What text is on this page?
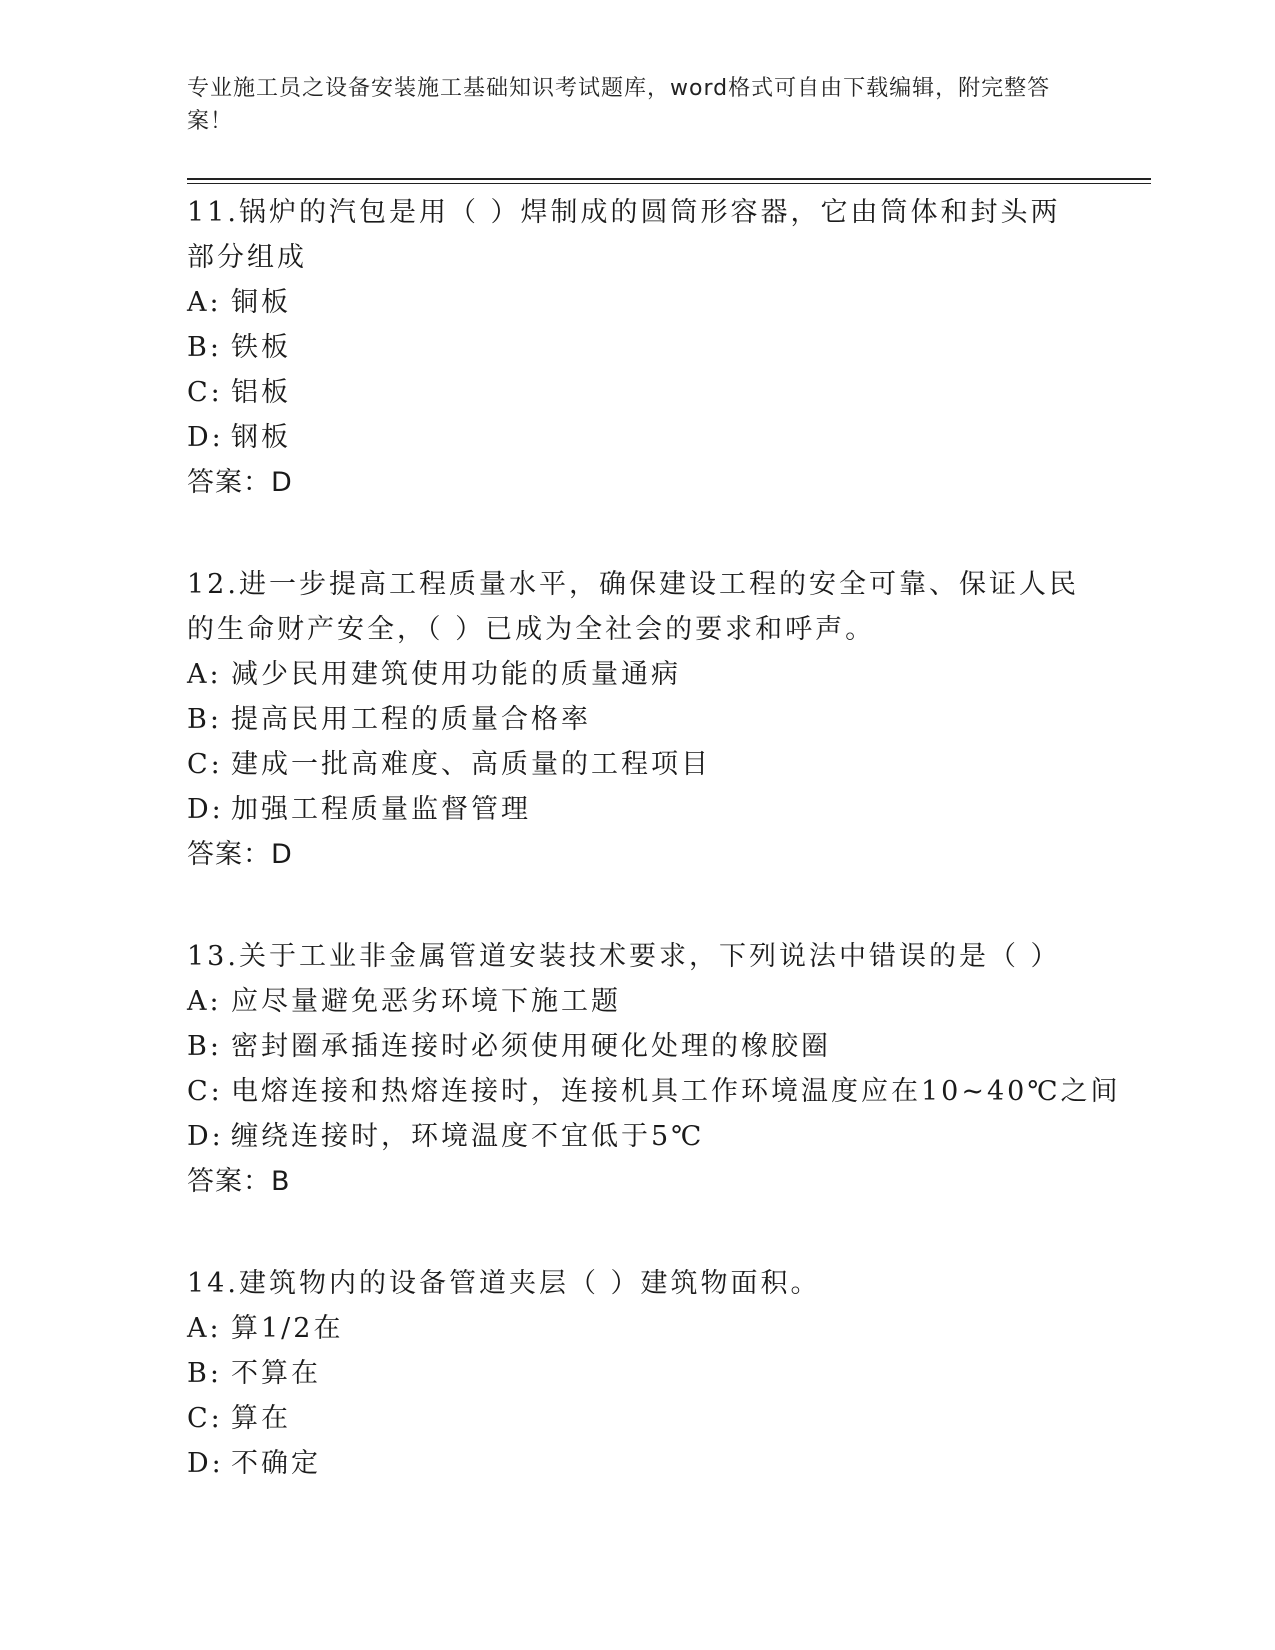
专业施工员之设备安装施工基础知识考试题库，word格式可自由下载编辑，附完整答案！
11.锅炉的汽包是用（ ）焊制成的圆筒形容器，它由筒体和封头两部分组成
A: 铜板
B: 铁板
C: 铝板
D: 钢板
答案：D
12.进一步提高工程质量水平，确保建设工程的安全可靠、保证人民的生命财产安全，（ ）已成为全社会的要求和呼声。
A: 减少民用建筑使用功能的质量通病
B: 提高民用工程的质量合格率
C: 建成一批高难度、高质量的工程项目
D: 加强工程质量监督管理
答案：D
13.关于工业非金属管道安装技术要求，下列说法中错误的是（ ）
A: 应尽量避免恶劣环境下施工题
B: 密封圈承插连接时必须使用硬化处理的橡胶圈
C: 电熔连接和热熔连接时，连接机具工作环境温度应在10~40℃之间
D: 缠绕连接时，环境温度不宜低于5℃
答案：B
14.建筑物内的设备管道夹层（ ）建筑物面积。
A: 算1/2在
B: 不算在
C: 算在
D: 不确定
